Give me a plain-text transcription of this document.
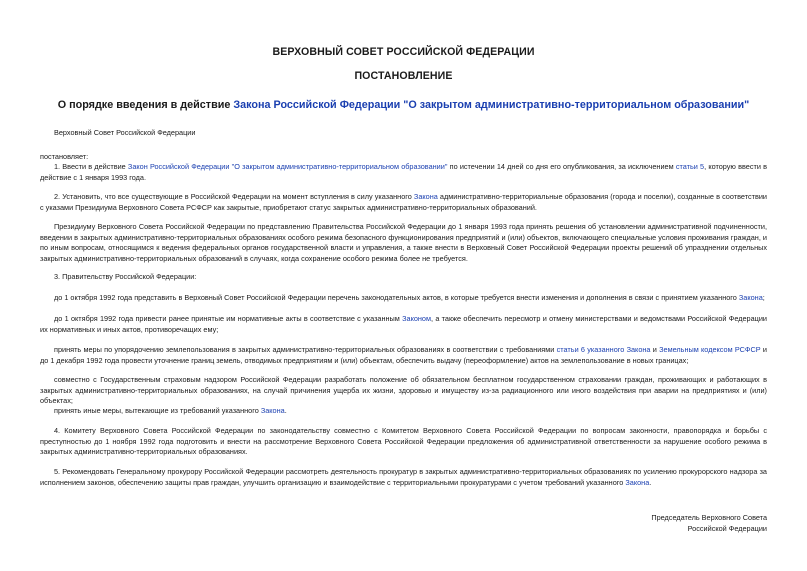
ВЕРХОВНЫЙ СОВЕТ РОССИЙСКОЙ ФЕДЕРАЦИИ
ПОСТАНОВЛЕНИЕ
О порядке введения в действие Закона Российской Федерации "О закрытом административно-территориальном образовании"
Верховный Совет Российской Федерации
постановляет:
1. Ввести в действие Закон Российской Федерации "О закрытом административно-территориальном образовании" по истечении 14 дней со дня его опубликования, за исключением статьи 5, которую ввести в действие с 1 января 1993 года.
2. Установить, что все существующие в Российской Федерации на момент вступления в силу указанного Закона административно-территориальные образования (города и поселки), созданные в соответствии с указами Президиума Верховного Совета РСФСР как закрытые, приобретают статус закрытых административно-территориальных образований.
Президиуму Верховного Совета Российской Федерации по представлению Правительства Российской Федерации до 1 января 1993 года принять решения об установлении административной подчиненности, введении в закрытых административно-территориальных образованиях особого режима безопасного функционирования предприятий и (или) объектов, включающего специальные условия проживания граждан, и по иным вопросам, относящимся к ведения федеральных органов государственной власти и управления, а также внести в Верховный Совет Российской Федерации проекты решений об упразднении отдельных закрытых административно-территориальных образований в случаях, когда сохранение особого режима более не требуется.
3. Правительству Российской Федерации:
до 1 октября 1992 года представить в Верховный Совет Российской Федерации перечень законодательных актов, в которые требуется внести изменения и дополнения в связи с принятием указанного Закона;
до 1 октября 1992 года привести ранее принятые им нормативные акты в соответствие с указанным Законом, а также обеспечить пересмотр и отмену министерствами и ведомствами Российской Федерации их нормативных и иных актов, противоречащих ему;
принять меры по упорядочению землепользования в закрытых административно-территориальных образованиях в соответствии с требованиями статьи 6 указанного Закона и Земельным кодексом РСФСР и до 1 декабря 1992 года провести уточнение границ земель, отводимых предприятиям и (или) объектам, обеспечить выдачу (переоформление) актов на землепользование в новых границах;
совместно с Государственным страховым надзором Российской Федерации разработать положение об обязательном бесплатном государственном страховании граждан, проживающих и работающих в закрытых административно-территориальных образованиях, на случай причинения ущерба их жизни, здоровью и имуществу из-за радиационного или иного воздействия при аварии на предприятиях и (или) объектах;
принять иные меры, вытекающие из требований указанного Закона.
4. Комитету Верховного Совета Российской Федерации по законодательству совместно с Комитетом Верховного Совета Российской Федерации по вопросам законности, правопорядка и борьбы с преступностью до 1 ноября 1992 года подготовить и внести на рассмотрение Верховного Совета Российской Федерации предложения об административной ответственности за нарушение особого режима в закрытых административно-территориальных образованиях.
5. Рекомендовать Генеральному прокурору Российской Федерации рассмотреть деятельность прокуратур в закрытых административно-территориальных образованиях по усилению прокурорского надзора за исполнением законов, обеспечению защиты прав граждан, улучшить организацию и взаимодействие с территориальными прокуратурами с учетом требований указанного Закона.
Председатель Верховного Совета
Российской Федерации
